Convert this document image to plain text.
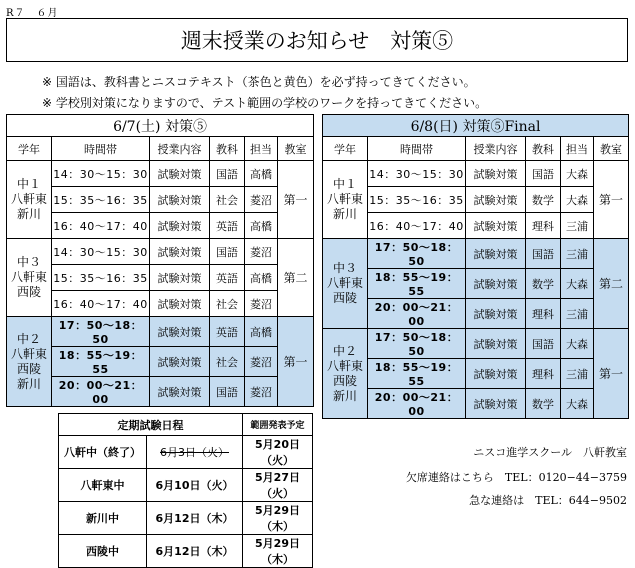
R７　６月
週末授業のお知らせ　対策⑤
※ 国語は、教科書とニスコテキスト（茶色と黄色）を必ず持ってきてください。
※ 学校別対策になりますので、テスト範囲の学校のワークを持ってきてください。
6/7(土) 対策⑤					
学年	時間帯	授業内容	教科	担当	教室

中１
八軒東
新川	14：30〜15：30	試験対策	国語	高橋	第一
	15：35〜16：35	試験対策	社会	菱沼	
	16：40〜17：40	試験対策	英語	高橋	

中３
八軒東
西陵	14：30〜15：30	試験対策	国語	菱沼	第二
	15：35〜16：35	試験対策	英語	高橋	
	16：40〜17：40	試験対策	社会	菱沼	

中２
八軒東
西陵
新川	17：50〜18：50	試験対策	英語	高橋	第一
	18：55〜19：55	試験対策	社会	菱沼	
	20：00〜21：00	試験対策	国語	菱沼	
6/8(日) 対策⑤Final					
学年	時間帯	授業内容	教科	担当	教室

中１
八軒東
新川	14：30〜15：30	試験対策	国語	大森	第一
	15：35〜16：35	試験対策	数学	大森	
	16：40〜17：40	試験対策	理科	三浦	

中３
八軒東
西陵	17：50〜18：50	試験対策	国語	三浦	第二
	18：55〜19：55	試験対策	数学	大森	
	20：00〜21：00	試験対策	理科	三浦	

中２
八軒東
西陵
新川	17：50〜18：50	試験対策	国語	大森	第一
	18：55〜19：55	試験対策	理科	三浦	
	20：00〜21：00	試験対策	数学	大森	
定期試験日程		範囲発表予定
八軒中（終了）	6月3日（火）	5月20日（火）
八軒東中	6月10日（火）	5月27日（火）
新川中	6月12日（木）	5月29日（木）
西陵中	6月12日（木）	5月29日（木）
ニスコ進学スクール　八軒教室
欠席連絡はこちら　TEL：0120−44−3759
急な連絡は　TEL：644−9502
